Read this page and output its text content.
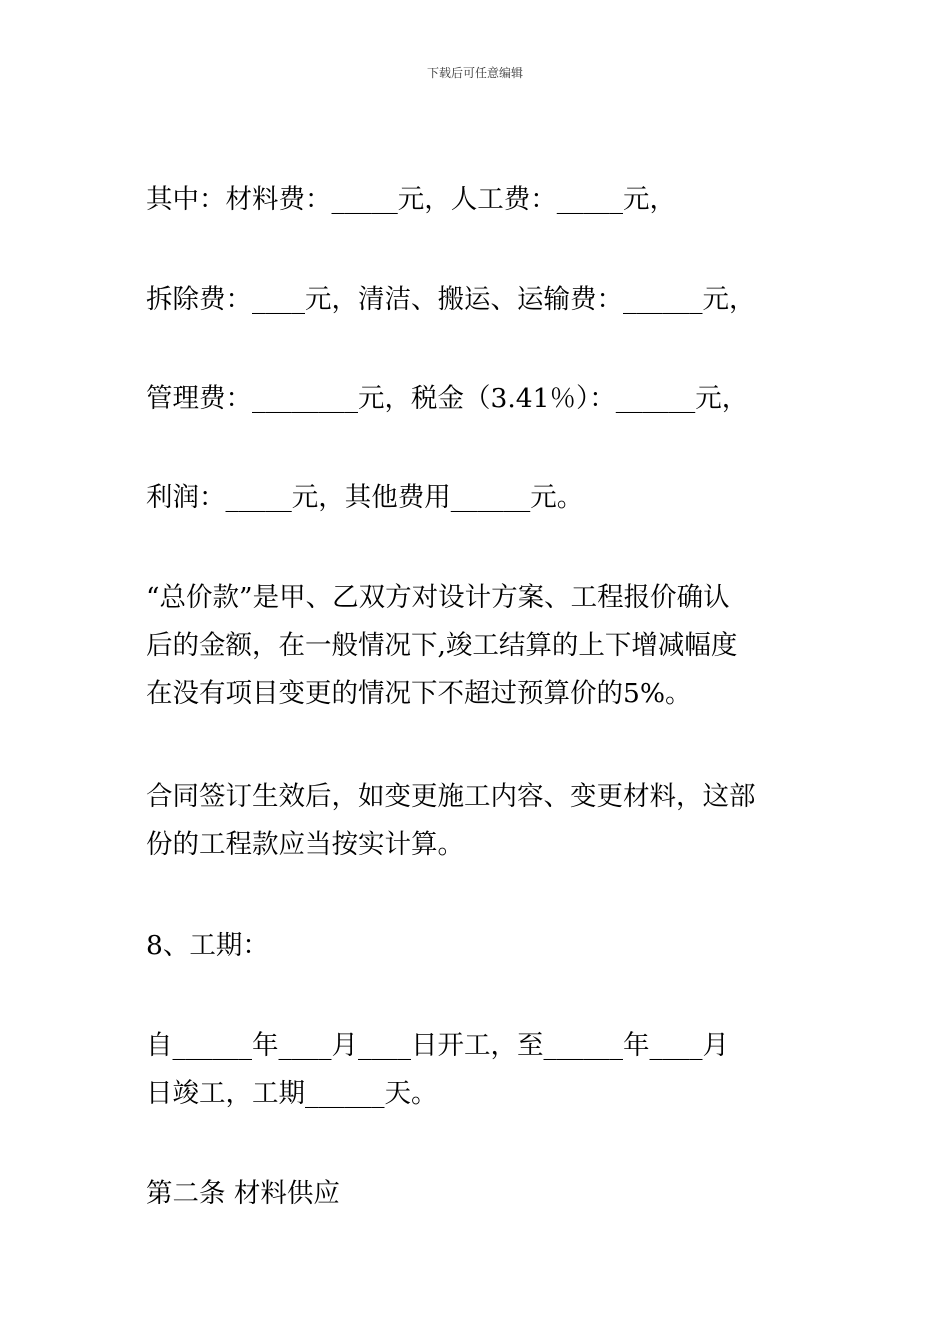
下载后可任意编辑
其中：材料费：_____元，人工费：_____元，
拆除费：____元，清洁、搬运、运输费：______元，
管理费：________元，税金（3.41％）：______元，
利润：_____元，其他费用______元。
“总价款”是甲、乙双方对设计方案、工程报价确认
后的金额，在一般情况下,竣工结算的上下增减幅度
在没有项目变更的情况下不超过预算价的5%。
合同签订生效后，如变更施工内容、变更材料，这部
份的工程款应当按实计算。
8、工期：
自______年____月____日开工，至______年____月
日竣工，工期______天。
第二条 材料供应
